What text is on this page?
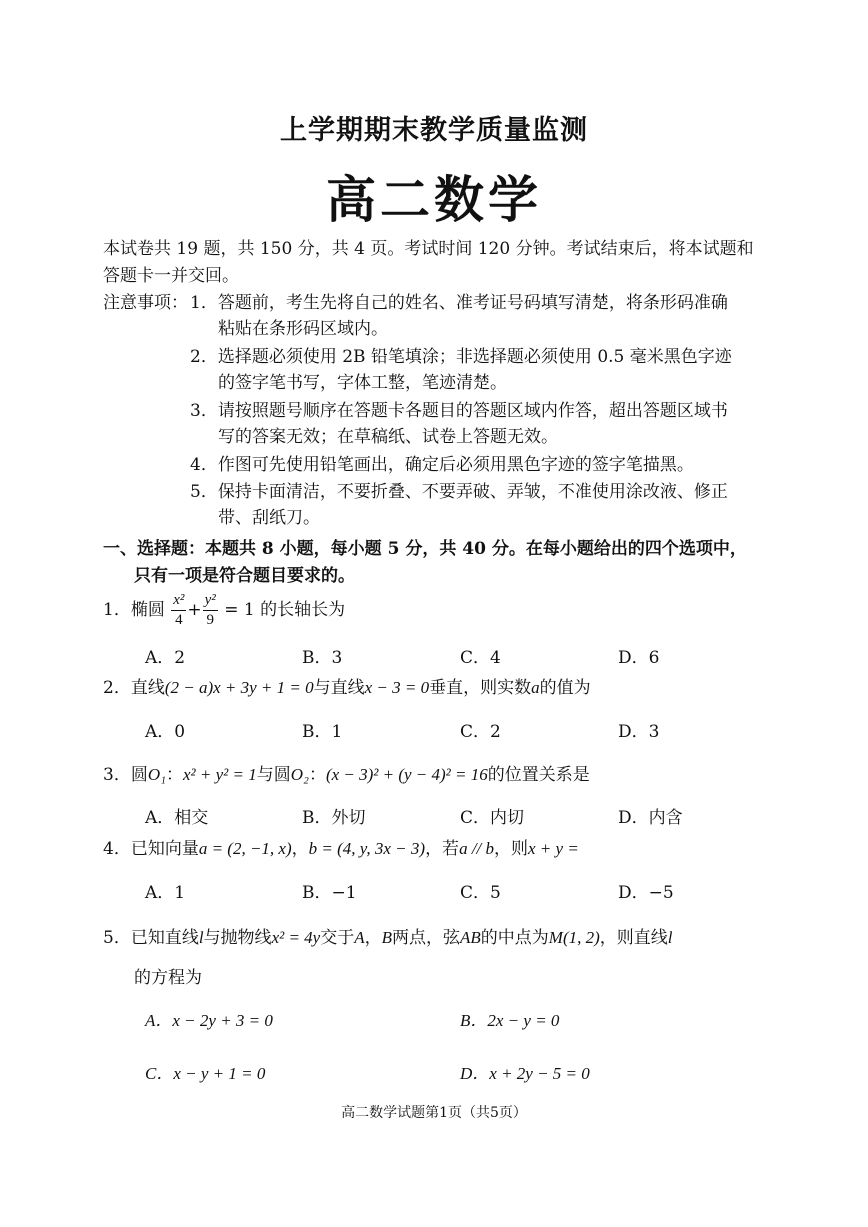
上学期期末教学质量监测
高二数学
本试卷共 19 题，共 150 分，共 4 页。考试时间 120 分钟。考试结束后，将本试题和
答题卡一并交回。
注意事项： 1．答题前，考生先将自己的姓名、准考证号码填写清楚，将条形码准确
粘贴在条形码区域内。
2．选择题必须使用 2B 铅笔填涂；非选择题必须使用 0.5 毫米黑色字迹
的签字笔书写，字体工整，笔迹清楚。
3．请按照题号顺序在答题卡各题目的答题区域内作答，超出答题区域书
写的答案无效；在草稿纸、试卷上答题无效。
4．作图可先使用铅笔画出，确定后必须用黑色字迹的签字笔描黑。
5．保持卡面清洁，不要折叠、不要弄破、弄皱，不准使用涂改液、修正
带、刮纸刀。
一、选择题：本题共 8 小题，每小题 5 分，共 40 分。在每小题给出的四个选项中，
只有一项是符合题目要求的。
1．椭圆 $\frac{\text{x²}}{4} + \frac{\text{y²}}{9} = 1$ 的长轴长为
A．2	B．3	C．4	D．6
2．直线(2 − a)x + 3y + 1 = 0与直线x − 3 = 0垂直，则实数a的值为
A．0	B．1	C．2	D．3
3．圆O₁：x² + y² = 1与圆O₂：(x − 3)² + (y − 4)² = 16的位置关系是
A．相交	B．外切	C．内切	D．内含
4．已知向量a = (2, −1, x)，b = (4, y, 3x − 3)，若a // b，则x + y =
A．1	B．−1	C．5	D．−5
5．已知直线l与抛物线x² = 4y交于A，B两点，弦AB的中点为M(1, 2)，则直线l
的方程为
A．x − 2y + 3 = 0	B．2x − y = 0
C．x − y + 1 = 0	D．x + 2y − 5 = 0
高二数学试题第1页（共5页）
